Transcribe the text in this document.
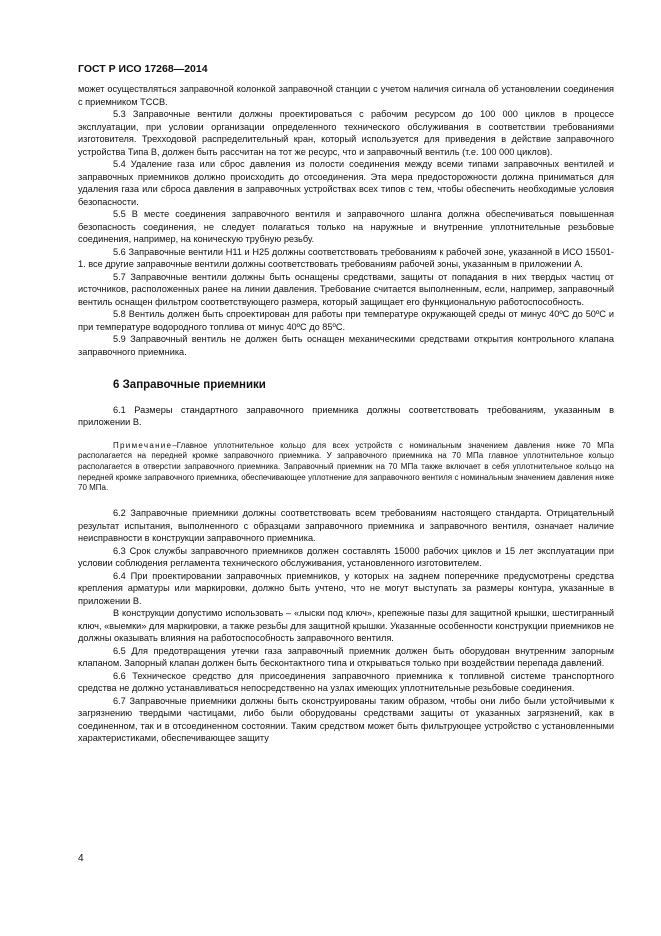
ГОСТ Р ИСО 17268—2014

может осуществляться заправочной колонкой заправочной станции с учетом наличия сигнала об установлении соединения с приемником ТССВ.

5.3 Заправочные вентили должны проектироваться с рабочим ресурсом до 100 000 циклов в процессе эксплуатации, при условии организации определенного технического обслуживания в соответствии требованиями изготовителя. Трехходовой распределительный кран, который используется для приведения в действие заправочного устройства Типа В, должен быть рассчитан на тот же ресурс, что и заправочный вентиль (т.е. 100 000 циклов).

5.4 Удаление газа или сброс давления из полости соединения между всеми типами заправочных вентилей и заправочных приемников должно происходить до отсоединения. Эта мера предосторожности должна приниматься для удаления газа или сброса давления в заправочных устройствах всех типов с тем, чтобы обеспечить необходимые условия безопасности.

5.5 В месте соединения заправочного вентиля и заправочного шланга должна обеспечиваться повышенная безопасность соединения, не следует полагаться только на наружные и внутренние уплотнительные резьбовые соединения, например, на коническую трубную резьбу.

5.6 Заправочные вентили Н11 и Н25 должны соответствовать требованиям к рабочей зоне, указанной в ИСО 15501-1. все другие заправочные вентили должны соответствовать требованиям рабочей зоны, указанным в приложении А.

5.7 Заправочные вентили должны быть оснащены средствами, защиты от попадания в них твердых частиц от источников, расположенных ранее на линии давления. Требование считается выполненным, если, например, заправочный вентиль оснащен фильтром соответствующего размера, который защищает его функциональную работоспособность.

5.8 Вентиль должен быть спроектирован для работы при температуре окружающей среды от минус 40ºС до 50ºС и при температуре водородного топлива от минус 40ºС до 85ºС.

5.9 Заправочный вентиль не должен быть оснащен механическими средствами открытия контрольного клапана заправочного приемника.

6 Заправочные приемники

6.1 Размеры стандартного заправочного приемника должны соответствовать требованиям, указанным в приложении В.

Примечание–Главное уплотнительное кольцо для всех устройств с номинальным значением давления ниже 70 МПа располагается на передней кромке заправочного приемника. У заправочного приемника на 70 МПа главное уплотнительное кольцо располагается в отверстии заправочного приемника. Заправочный приемник на 70 МПа также включает в себя уплотнительное кольцо на передней кромке заправочного приемника, обеспечивающее уплотнение для заправочного вентиля с номинальным значением давления ниже 70 МПа.

6.2 Заправочные приемники должны соответствовать всем требованиям настоящего стандарта. Отрицательный результат испытания, выполненного с образцами заправочного приемника и заправочного вентиля, означает наличие неисправности в конструкции заправочного приемника.

6.3 Срок службы заправочного приемников должен составлять 15000 рабочих циклов и 15 лет эксплуатации при условии соблюдения регламента технического обслуживания, установленного изготовителем.

6.4 При проектировании заправочных приемников, у которых на заднем поперечнике предусмотрены средства крепления арматуры или маркировки, должно быть учтено, что не могут выступать за размеры контура, указанные в приложении В.

В конструкции допустимо использовать – «лыски под ключ», крепежные пазы для защитной крышки, шестигранный ключ, «выемки» для маркировки, а также резьбы для защитной крышки. Указанные особенности конструкции приемников не должны оказывать влияния на работоспособность заправочного вентиля.

6.5 Для предотвращения утечки газа заправочный приемник должен быть оборудован внутренним запорным клапаном. Запорный клапан должен быть бесконтактного типа и открываться только при воздействии перепада давлений.

6.6 Техническое средство для присоединения заправочного приемника к топливной системе транспортного средства не должно устанавливаться непосредственно на узлах имеющих уплотнительные резьбовые соединения.

6.7 Заправочные приемники должны быть сконструированы таким образом, чтобы они либо были устойчивыми к загрязнению твердыми частицами, либо были оборудованы средствами защиты от указанных загрязнений, как в соединенном, так и в отсоединенном состоянии. Таким средством может быть фильтрующее устройство с установленными характеристиками, обеспечивающее защиту

4
